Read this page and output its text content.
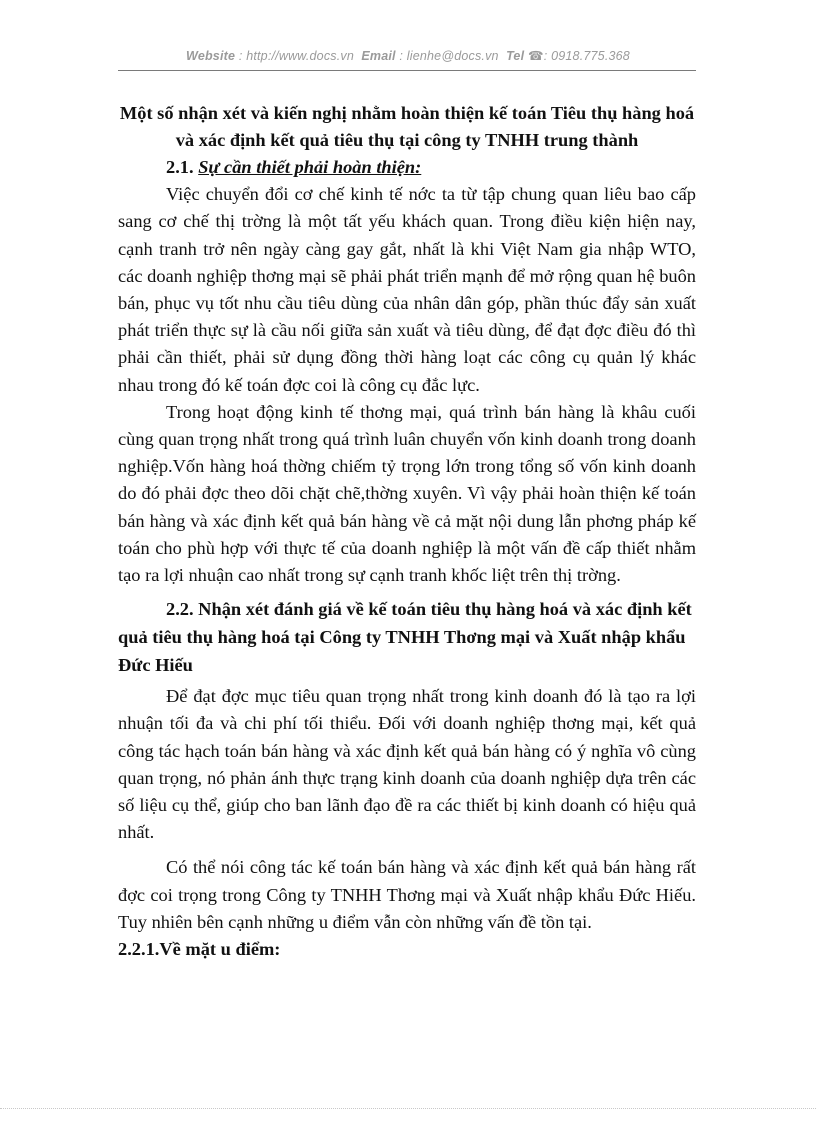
Website : http://www.docs.vn Email : lienhe@docs.vn Tel ☎: 0918.775.368
Một số nhận xét và kiến nghị nhằm hoàn thiện kế toán Tiêu thụ hàng hoá và xác định kết quả tiêu thụ tại công ty TNHH trung thành
2.1. Sự cần thiết phải hoàn thiện:

Việc chuyển đổi cơ chế kinh tế nớc ta từ tập chung quan liêu bao cấp sang cơ chế thị trờng là một tất yếu khách quan. Trong điều kiện hiện nay, cạnh tranh trở nên ngày càng gay gắt, nhất là khi Việt Nam gia nhập WTO, các doanh nghiệp thơng mại sẽ phải phát triển mạnh để mở rộng quan hệ buôn bán, phục vụ tốt nhu cầu tiêu dùng của nhân dân góp, phần thúc đẩy sản xuất phát triển thực sự là cầu nối giữa sản xuất và tiêu dùng, để đạt đợc điều đó thì phải cần thiết, phải sử dụng đồng thời hàng loạt các công cụ quản lý khác nhau trong đó kế toán đợc coi là công cụ đắc lực.

Trong hoạt động kinh tế thơng mại, quá trình bán hàng là khâu cuối cùng quan trọng nhất trong quá trình luân chuyển vốn kinh doanh trong doanh nghiệp.Vốn hàng hoá thờng chiếm tỷ trọng lớn trong tổng số vốn kinh doanh do đó phải đợc theo dõi chặt chẽ,thờng xuyên. Vì vậy phải hoàn thiện kế toán bán hàng và xác định kết quả bán hàng về cả mặt nội dung lẫn phơng pháp kế toán cho phù hợp với thực tế của doanh nghiệp là một vấn đề cấp thiết nhằm tạo ra lợi nhuận cao nhất trong sự cạnh tranh khốc liệt trên thị trờng.

2.2. Nhận xét đánh giá về kế toán tiêu thụ hàng hoá và xác định kết quả tiêu thụ hàng hoá tại Công ty TNHH Thơng mại và Xuất nhập khẩu Đức Hiếu

Để đạt đợc mục tiêu quan trọng nhất trong kinh doanh đó là tạo ra lợi nhuận tối đa và chi phí tối thiểu. Đối với doanh nghiệp thơng mại, kết quả công tác hạch toán bán hàng và xác định kết quả bán hàng có ý nghĩa vô cùng quan trọng, nó phản ánh thực trạng kinh doanh của doanh nghiệp dựa trên các số liệu cụ thể, giúp cho ban lãnh đạo đề ra các thiết bị kinh doanh có hiệu quả nhất.

Có thể nói công tác kế toán bán hàng và xác định kết quả bán hàng rất đợc coi trọng trong Công ty TNHH Thơng mại và Xuất nhập khẩu Đức Hiếu. Tuy nhiên bên cạnh những u điểm vẫn còn những vấn đề tồn tại.

2.2.1.Về mặt u điểm:
